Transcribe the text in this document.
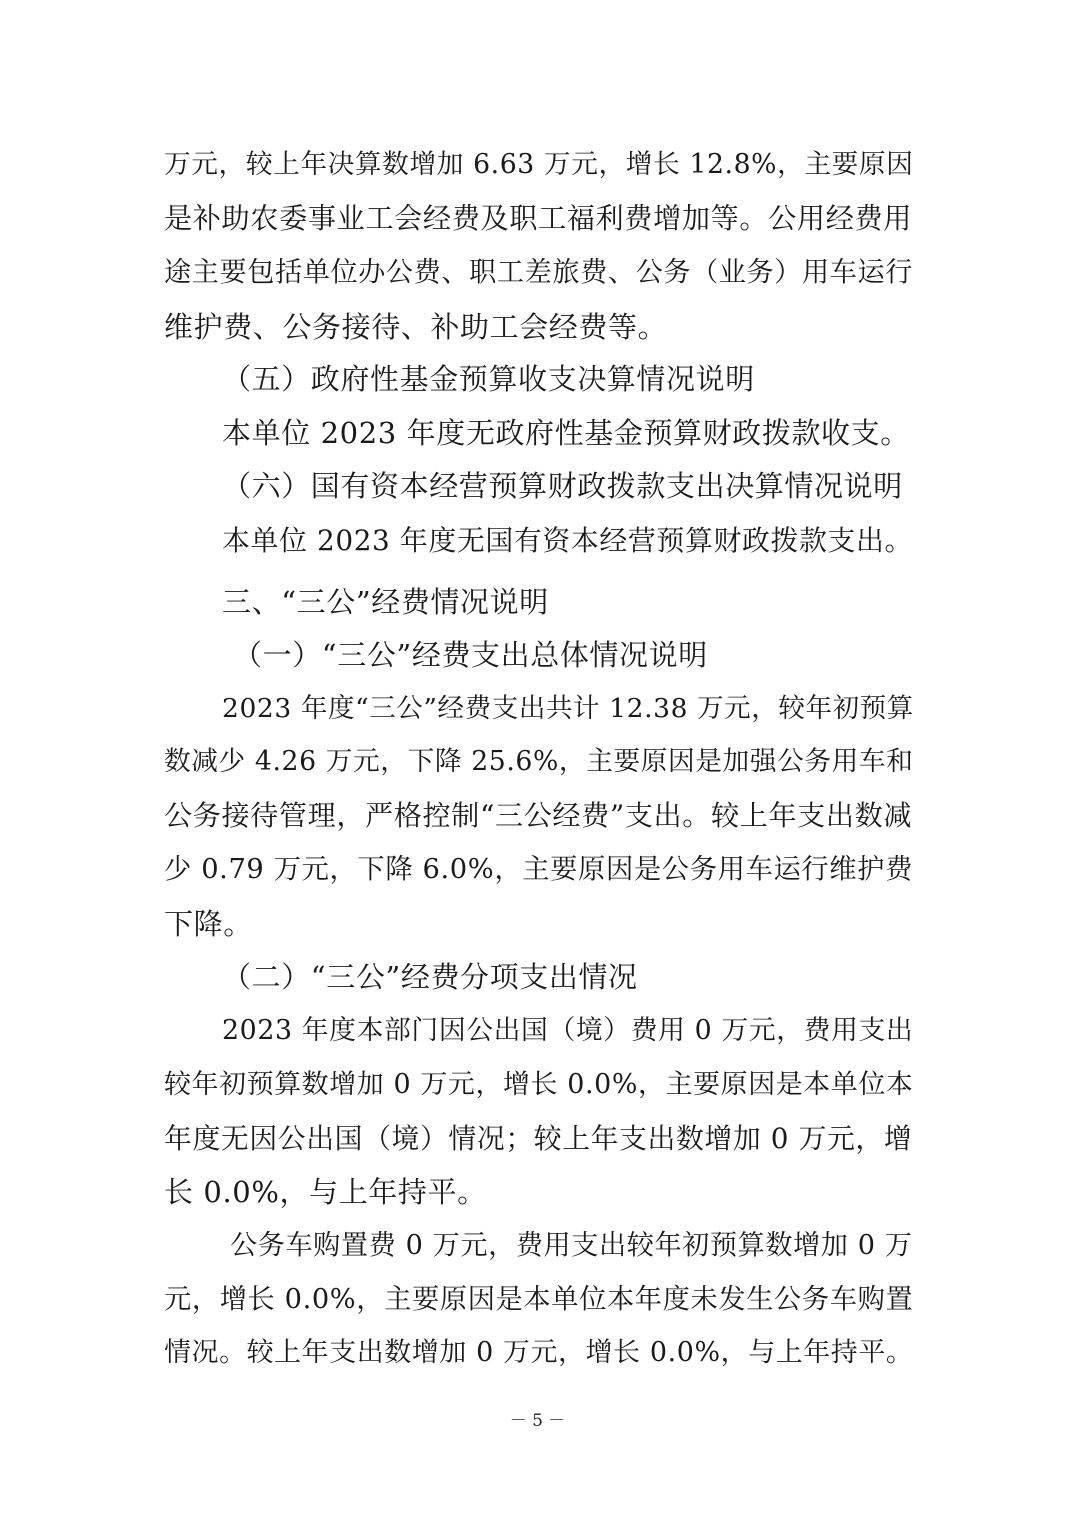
万元，较上年决算数增加 6.63 万元，增长 12.8%，主要原因
是补助农委事业工会经费及职工福利费增加等。公用经费用
途主要包括单位办公费、职工差旅费、公务（业务）用车运行
维护费、公务接待、补助工会经费等。
（五）政府性基金预算收支决算情况说明
本单位 2023 年度无政府性基金预算财政拨款收支。
（六）国有资本经营预算财政拨款支出决算情况说明
本单位 2023 年度无国有资本经营预算财政拨款支出。
三、“三公”经费情况说明
（一）“三公”经费支出总体情况说明
2023 年度“三公”经费支出共计 12.38 万元，较年初预算
数减少 4.26 万元，下降 25.6%，主要原因是加强公务用车和
公务接待管理，严格控制“三公经费”支出。较上年支出数减
少 0.79 万元，下降 6.0%，主要原因是公务用车运行维护费
下降。
（二）“三公”经费分项支出情况
2023 年度本部门因公出国（境）费用 0 万元，费用支出
较年初预算数增加 0 万元，增长 0.0%，主要原因是本单位本
年度无因公出国（境）情况；较上年支出数增加 0 万元，增
长 0.0%，与上年持平。
公务车购置费 0 万元，费用支出较年初预算数增加 0 万
元，增长 0.0%，主要原因是本单位本年度未发生公务车购置
情况。较上年支出数增加 0 万元，增长 0.0%，与上年持平。
－ 5 －
